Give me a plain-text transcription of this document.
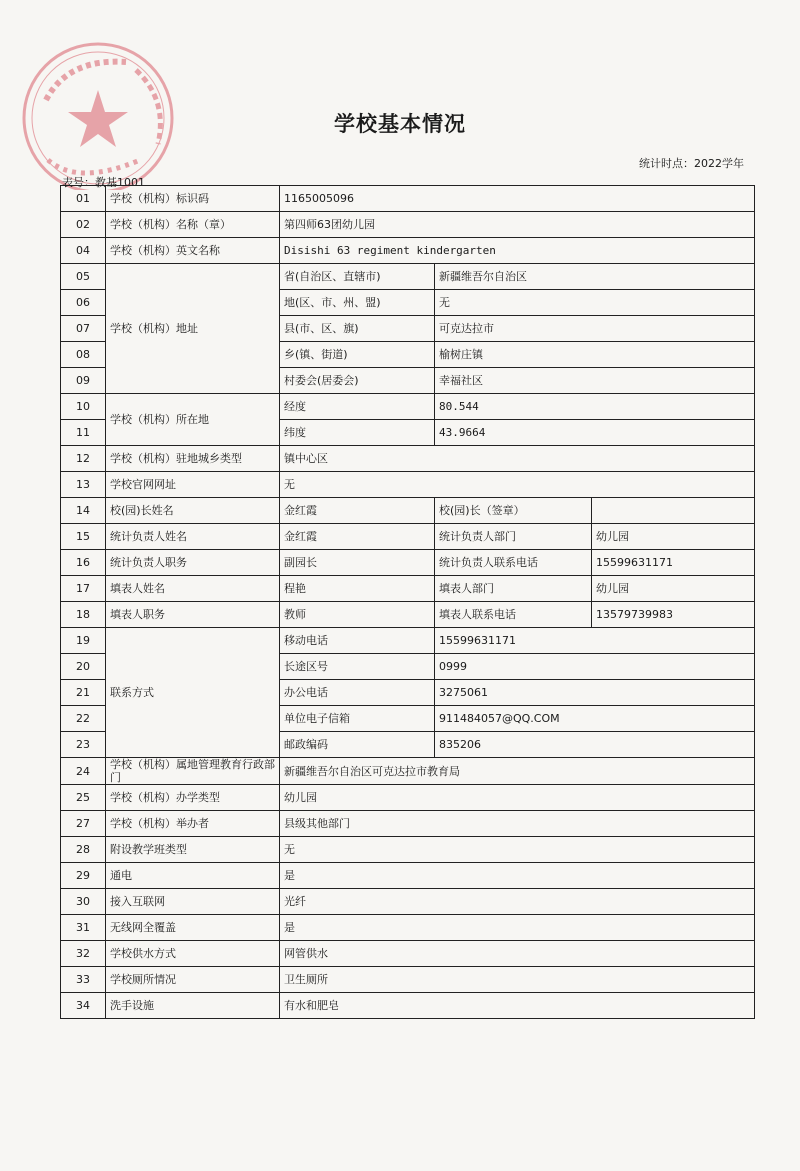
学校基本情况
统计时点：2022学年
表号：教基1001
01	学校（机构）标识码	1165005096		
02	学校（机构）名称（章）	第四师63团幼儿园		
04	学校（机构）英文名称	Disishi 63 regiment kindergarten		
05	学校（机构）地址	省(自治区、直辖市)	新疆维吾尔自治区	
06		地(区、市、州、盟)	无	
07		县(市、区、旗)	可克达拉市	
08		乡(镇、街道)	榆树庄镇	
09		村委会(居委会)	幸福社区	
10	学校（机构）所在地	经度	80.544	
11		纬度	43.9664	
12	学校（机构）驻地城乡类型	镇中心区		
13	学校官网网址	无		
14	校(园)长姓名	金红霞	校(园)长（签章）	
15	统计负责人姓名	金红霞	统计负责人部门	幼儿园
16	统计负责人职务	副园长	统计负责人联系电话	15599631171
17	填表人姓名	程艳	填表人部门	幼儿园
18	填表人职务	教师	填表人联系电话	13579739983
19	联系方式	移动电话	15599631171	
20		长途区号	0999	
21		办公电话	3275061	
22		单位电子信箱	911484057@QQ.COM	
23		邮政编码	835206	
24	学校（机构）属地管理教育行政部门	新疆维吾尔自治区可克达拉市教育局		
25	学校（机构）办学类型	幼儿园		
27	学校（机构）举办者	县级其他部门		
28	附设教学班类型	无		
29	通电	是		
30	接入互联网	光纤		
31	无线网全覆盖	是		
32	学校供水方式	网管供水		
33	学校厕所情况	卫生厕所		
34	洗手设施	有水和肥皂		
